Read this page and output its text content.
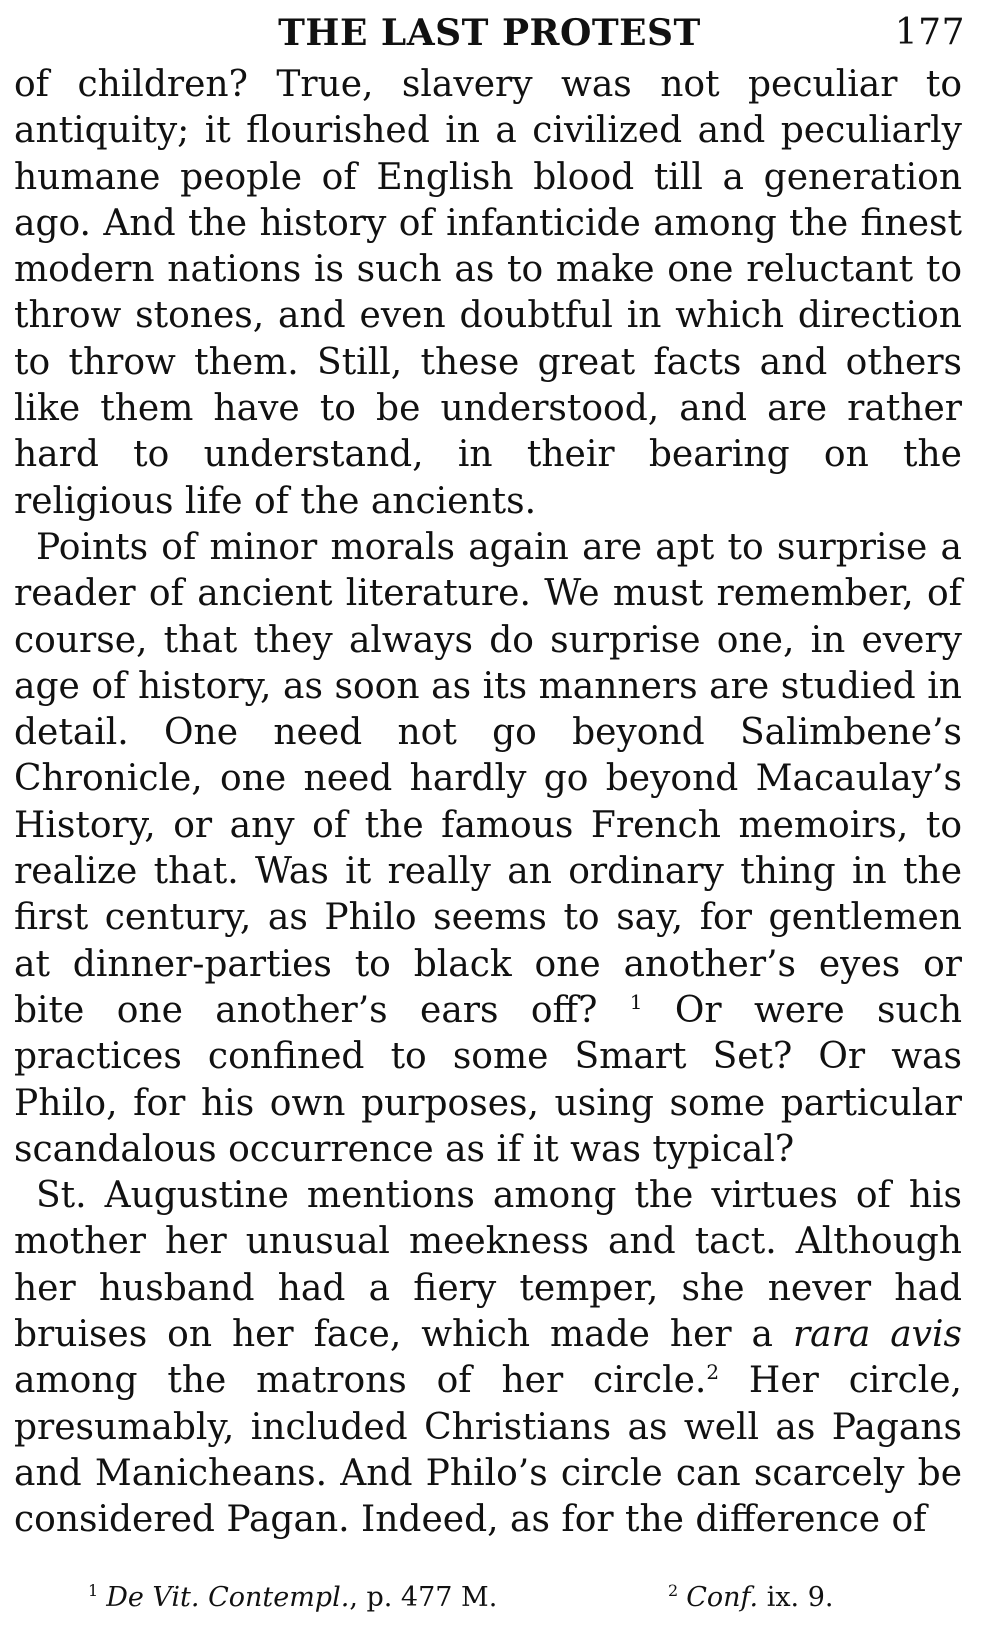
THE LAST PROTEST	177

of children? True, slavery was not peculiar to antiquity; it flourished in a civilized and peculiarly humane people of English blood till a generation ago. And the history of infanticide among the finest modern nations is such as to make one reluctant to throw stones, and even doubtful in which direction to throw them. Still, these great facts and others like them have to be understood, and are rather hard to understand, in their bearing on the religious life of the ancients.

Points of minor morals again are apt to surprise a reader of ancient literature. We must remember, of course, that they always do surprise one, in every age of history, as soon as its manners are studied in detail. One need not go beyond Salimbene’s Chronicle, one need hardly go beyond Macaulay’s History, or any of the famous French memoirs, to realize that. Was it really an ordinary thing in the first century, as Philo seems to say, for gentlemen at dinner-parties to black one another’s eyes or bite one another’s ears off? $^1$ Or were such practices confined to some Smart Set? Or was Philo, for his own purposes, using some particular scandalous occurrence as if it was typical?

St. Augustine mentions among the virtues of his mother her unusual meekness and tact. Although her husband had a fiery temper, she never had bruises on her face, which made her a rara avis among the matrons of her circle.$^2$ Her circle, presumably, included Christians as well as Pagans and Manicheans. And Philo’s circle can scarcely be considered Pagan. Indeed, as for the difference of

$^1$ De Vit. Contempl., p. 477 M.	$^2$ Conf. ix. 9.
